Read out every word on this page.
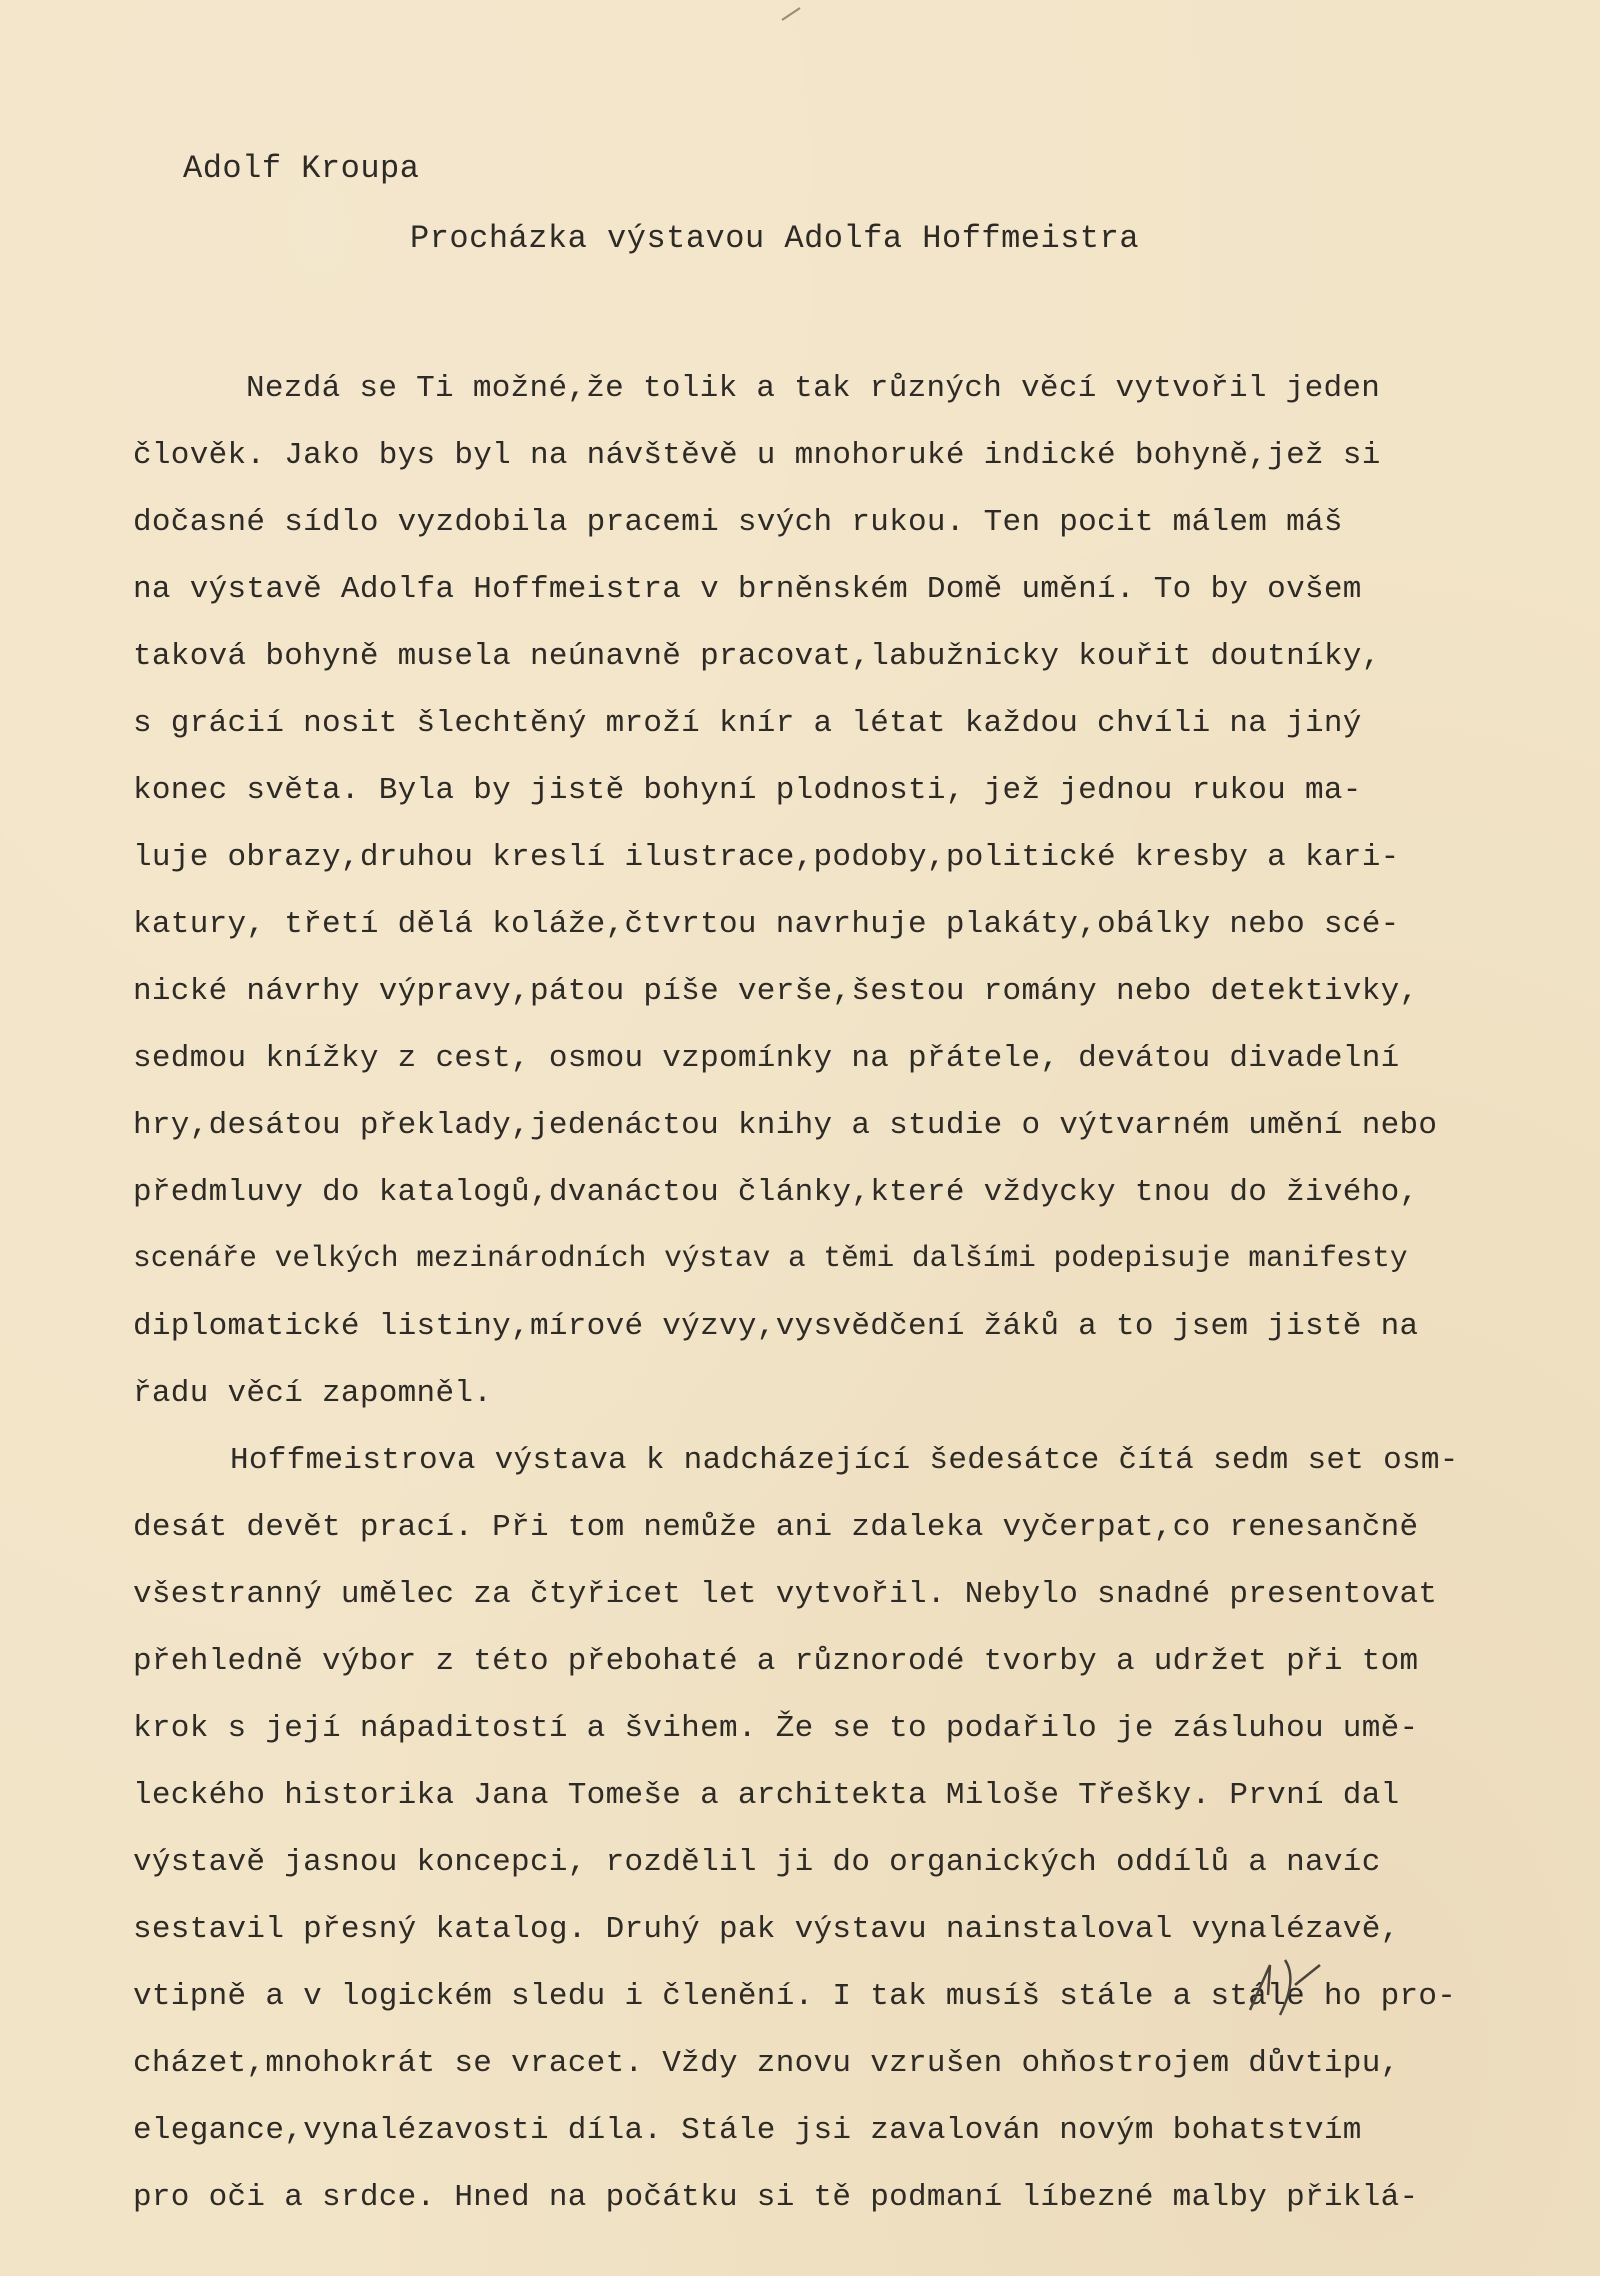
Adolf Kroupa
Procházka výstavou Adolfa Hoffmeistra
Nezdá se Ti možné,že tolik a tak různých věcí vytvořil jeden
člověk. Jako bys byl na návštěvě u mnohoruké indické bohyně,jež si
dočasné sídlo vyzdobila pracemi svých rukou. Ten pocit málem máš
na výstavě Adolfa Hoffmeistra v brněnském Domě umění. To by ovšem
taková bohyně musela neúnavně pracovat,labužnicky kouřit doutníky,
s grácií nosit šlechtěný mroží knír a létat každou chvíli na jiný
konec světa. Byla by jistě bohyní plodnosti, jež jednou rukou ma-
luje obrazy,druhou kreslí ilustrace,podoby,politické kresby a kari-
katury, třetí dělá koláže,čtvrtou navrhuje plakáty,obálky nebo scé-
nické návrhy výpravy,pátou píše verše,šestou romány nebo detektivky,
sedmou knížky z cest, osmou vzpomínky na přátele, devátou divadelní
hry,desátou překlady,jedenáctou knihy a studie o výtvarném umění nebo
předmluvy do katalogů,dvanáctou články,které vždycky tnou do živého,
scenáře velkých mezinárodních výstav a těmi dalšími podepisuje manifesty
diplomatické listiny,mírové výzvy,vysvědčení žáků a to jsem jistě na
řadu věcí zapomněl.
Hoffmeistrova výstava k nadcházející šedesátce čítá sedm set osm-
desát devět prací. Při tom nemůže ani zdaleka vyčerpat,co renesančně
všestranný umělec za čtyřicet let vytvořil. Nebylo snadné presentovat
přehledně výbor z této přebohaté a různorodé tvorby a udržet při tom
krok s její nápaditostí a švihem. Že se to podařilo je zásluhou umě-
leckého historika Jana Tomeše a architekta Miloše Třešky. První dal
výstavě jasnou koncepci, rozdělil ji do organických oddílů a navíc
sestavil přesný katalog. Druhý pak výstavu nainstaloval vynalézavě,
vtipně a v logickém sledu i členění. I tak musíš stále a stále ho pro-
cházet,mnohokrát se vracet. Vždy znovu vzrušen ohňostrojem důvtipu,
elegance,vynalézavosti díla. Stále jsi zavalován novým bohatstvím
pro oči a srdce. Hned na počátku si tě podmaní líbezné malby přiklá-
